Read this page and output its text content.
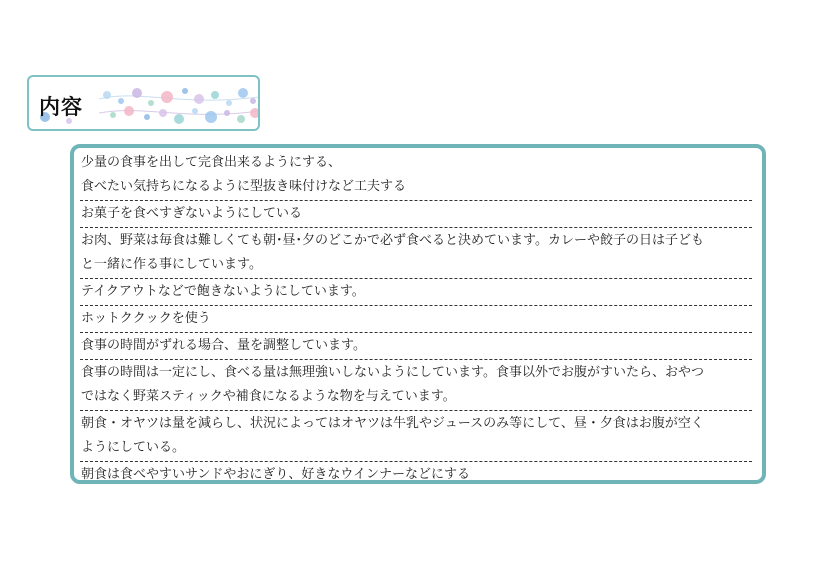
内容
少量の食事を出して完食出来るようにする、
食べたい気持ちになるように型抜き味付けなど工夫する
お菓子を食べすぎないようにしている
お肉、野菜は毎食は難しくても朝･昼･夕のどこかで必ず食べると決めています。カレーや餃子の日は子ども
と一緒に作る事にしています。
テイクアウトなどで飽きないようにしています。
ホットククックを使う
食事の時間がずれる場合、量を調整しています。
食事の時間は一定にし、食べる量は無理強いしないようにしています。食事以外でお腹がすいたら、おやつ
ではなく野菜スティックや補食になるような物を与えています。
朝食・オヤツは量を減らし、状況によってはオヤツは牛乳やジュースのみ等にして、昼・夕食はお腹が空く
ようにしている。
朝食は食べやすいサンドやおにぎり、好きなウインナーなどにする
